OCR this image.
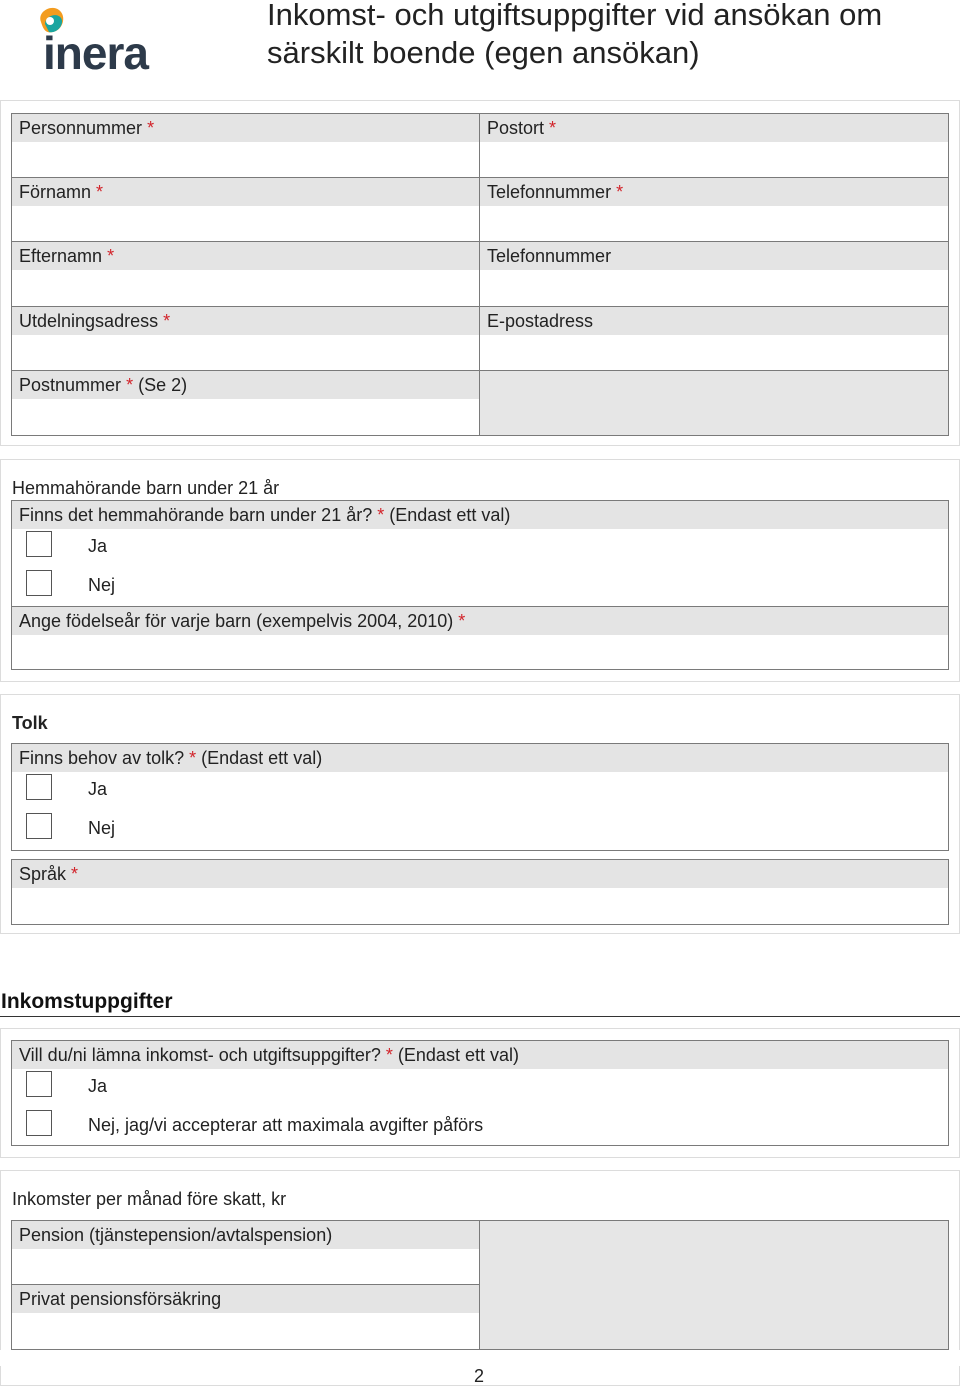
inera
Inkomst- och utgiftsuppgifter vid ansökan om särskilt boende (egen ansökan)
Personnummer *	Postort *
Förnamn *	Telefonnummer *
Efternamn *	Telefonnummer
Utdelningsadress *	E-postadress
Postnummer * (Se 2)
Hemmahörande barn under 21 år
Finns det hemmahörande barn under 21 år? * (Endast ett val)
Ja
Nej
Ange födelseår för varje barn (exempelvis 2004, 2010) *
Tolk
Finns behov av tolk? * (Endast ett val)
Ja
Nej
Språk *
Inkomstuppgifter
Vill du/ni lämna inkomst- och utgiftsuppgifter? * (Endast ett val)
Ja
Nej, jag/vi accepterar att maximala avgifter påförs
Inkomster per månad före skatt, kr
Pension (tjänstepension/avtalspension)
Privat pensionsförsäkring
2
